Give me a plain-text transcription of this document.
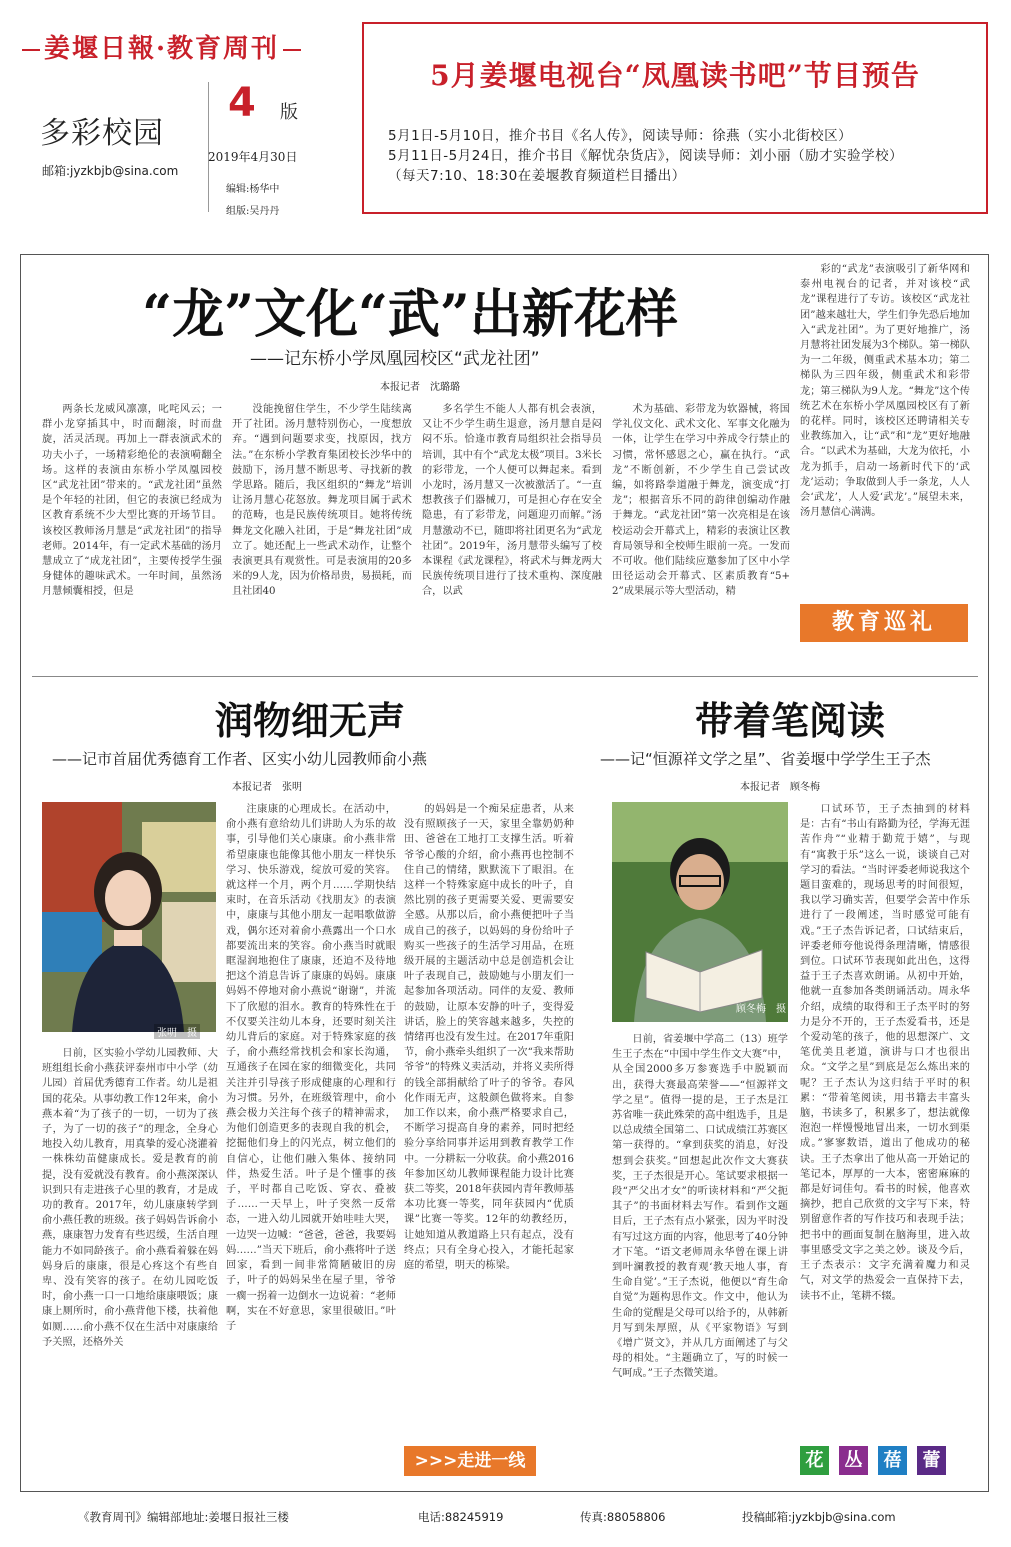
姜堰日報·教育周刊
多彩校园
邮箱:jyzkbjb@sina.com
4 版
2019年4月30日
编辑:杨华中
组版:吴丹丹
5月姜堰电视台“凤凰读书吧”节目预告
5月1日-5月10日，推介书目《名人传》，阅读导师：徐燕（实小北街校区）
5月11日-5月24日，推介书目《解忧杂货店》，阅读导师：刘小丽（励才实验学校）
（每天7:10、18:30在姜堰教育频道栏目播出）
“龙”文化“武”出新花样
——记东桥小学凤凰园校区“武龙社团”
本报记者　沈璐璐

两条长龙威风凛凛，叱咤风云；一群小龙穿插其中，时而翻滚，时而盘旋，活灵活现。再加上一群表演武术的功夫小子，一场精彩绝伦的表演嗬翻全场。这样的表演由东桥小学凤凰园校区“武龙社团”带来的。“武龙社团”虽然是个年轻的社团，但它的表演已经成为区教育系统不少大型比赛的开场节目。该校区教师汤月慧是“武龙社团”的指导老师。2014年，有一定武术基础的汤月慧成立了“成龙社团”，主要传授学生强身健体的趣味武术。一年时间，虽然汤月慧倾囊相授，但是

没能挽留住学生，不少学生陆续离开了社团。汤月慧特别伤心，一度想放弃。“遇到问题要求变，找原因，找方法。”在东桥小学教育集团校长沙华中的鼓励下，汤月慧不断思考、寻找新的教学思路。随后，我区组织的“舞龙”培训让汤月慧心花怒放。舞龙项目属于武术的范畴，也是民族传统项目。她将传统舞龙文化融入社团，于是“舞龙社团”成立了。她还配上一些武术动作，让整个表演更具有观赏性。可是表演用的20多米的9人龙，因为价格昂贵，易损耗，而且社团40

多名学生不能人人都有机会表演，又让不少学生萌生退意，汤月慧自是闷闷不乐。恰逢市教育局组织社会指导员培训，其中有个“武龙太极”项目。3米长的彩带龙，一个人便可以舞起来。看到小龙时，汤月慧又一次被激活了。“一直想教孩子们器械刀，可是担心存在安全隐患，有了彩带龙，问题迎刃而解。”汤月慧激动不已，随即将社团更名为“武龙社团”。2019年，汤月慧带头编写了校本课程《武龙课程》，将武术与舞龙两大民族传统项目进行了技术重构、深度融合，以武

术为基础、彩带龙为软器械，将国学礼仪文化、武术文化、军事文化融为一体，让学生在学习中养成令行禁止的习惯，常怀感恩之心，赢在执行。“武龙”不断创新，不少学生自己尝试改编，如将路拳道融于舞龙，演变成“打龙”；根据音乐不同的韵律创编动作融于舞龙。“武龙社团”第一次亮相是在该校运动会开幕式上，精彩的表演让区教育局领导和全校师生眼前一亮。一发而不可收。他们陆续应邀参加了区中小学田径运动会开幕式、区素质教育“5+2”成果展示等大型活动，精

彩的“武龙”表演吸引了新华网和泰州电视台的记者，并对该校“武龙”课程进行了专访。该校区“武龙社团”越来越壮大，学生们争先恐后地加入“武龙社团”。为了更好地推广，汤月慧将社团发展为3个梯队。第一梯队为一二年级，侧重武术基本功；第二梯队为三四年级，侧重武术和彩带龙；第三梯队为9人龙。“舞龙”这个传统艺术在东桥小学凤凰园校区有了新的花样。同时，该校区还聘请相关专业教练加入，让“武”和“龙”更好地融合。“以武术为基础，大龙为依托，小龙为抓手，启动一场新时代下的‘武龙’运动；争取做到人手一条龙，人人会‘武龙’，人人爱‘武龙’。”展望未来，汤月慧信心满满。

教育巡礼
润物细无声
——记市首届优秀德育工作者、区实小幼儿园教师俞小燕
本报记者　张明
张明　摄

日前，区实验小学幼儿园教师、大班组组长俞小燕获评泰州市中小学（幼儿园）首届优秀德育工作者。幼儿是祖国的花朵。从事幼教工作12年来，俞小燕本着“为了孩子的一切，一切为了孩子，为了一切的孩子”的理念，全身心地投入幼儿教育，用真挚的爱心浇灌着一株株幼苗健康成长。爱是教育的前提，没有爱就没有教育。俞小燕深深认识到只有走进孩子心里的教育，才是成功的教育。2017年，幼儿康康转学到俞小燕任教的班级。孩子妈妈告诉俞小燕，康康智力发育有些迟缓，生活自理能力不如同龄孩子。俞小燕看着躲在妈妈身后的康康，很是心疼这个有些自卑、没有笑容的孩子。在幼儿园吃饭时，俞小燕一口一口地给康康喂饭；康康上厕所时，俞小燕背他下楼，扶着他如厕……俞小燕不仅在生活中对康康给予关照，还格外关

注康康的心理成长。在活动中，俞小燕有意给幼儿们讲助人为乐的故事，引导他们关心康康。俞小燕非常希望康康也能像其他小朋友一样快乐学习、快乐游戏，绽放可爱的笑容。就这样一个月，两个月……学期快结束时，在音乐活动《找朋友》的表演中，康康与其他小朋友一起唱歌做游戏，偶尔还对着俞小燕露出一个口水都要流出来的笑容。俞小燕当时就眼眶湿润地抱住了康康，还迫不及待地把这个消息告诉了康康的妈妈。康康妈妈不停地对俞小燕说“谢谢”，并流下了欣慰的泪水。教育的特殊性在于不仅要关注幼儿本身，还要时刻关注幼儿背后的家庭。对于特殊家庭的孩子，俞小燕经常找机会和家长沟通，互通孩子在园在家的细微变化，共同关注并引导孩子形成健康的心理和行为习惯。另外，在班级管理中，俞小燕会极力关注每个孩子的精神需求，为他们创造更多的表现自我的机会，挖掘他们身上的闪光点，树立他们的自信心，让他们融入集体、接纳同伴，热爱生活。叶子是个懂事的孩子，平时都自己吃饭、穿衣、叠被子……一天早上，叶子突然一反常态，一进入幼儿园就开始哇哇大哭，一边哭一边喊：“爸爸，爸爸，我要妈妈……”当天下班后，俞小燕将叶子送回家，看到一间非常简陋破旧的房子，叶子的妈妈呆坐在屋子里，爷爷一瘸一拐着一边倒水一边说着：“老师啊，实在不好意思，家里很破旧。”叶子

的妈妈是一个痴呆症患者，从来没有照顾孩子一天，家里全靠奶奶种田、爸爸在工地打工支撑生活。听着爷爷心酸的介绍，俞小燕再也控制不住自己的情绪，默默流下了眼泪。在这样一个特殊家庭中成长的叶子，自然比别的孩子更需要关爱、更需要安全感。从那以后，俞小燕便把叶子当成自己的孩子，以妈妈的身份给叶子购买一些孩子的生活学习用品，在班级开展的主题活动中总是创造机会让叶子表现自己，鼓励她与小朋友们一起参加各项活动。同伴的友爱、教师的鼓励，让原本安静的叶子，变得爱讲话，脸上的笑容越来越多，失控的情绪再也没有发生过。在2017年重阳节，俞小燕牵头组织了一次“我来帮助爷爷”的特殊义卖活动，并将义卖所得的钱全部捐献给了叶子的爷爷。春风化作雨无声，这般颜色做将来。自参加工作以来，俞小燕严格要求自己，不断学习提高自身的素养，同时把经验分享给同事并运用到教育教学工作中。一分耕耘一分收获。俞小燕2016年参加区幼儿教师课程能力设计比赛获二等奖，2018年获园内青年教师基本功比赛一等奖，同年获园内“优质课”比赛一等奖。12年的幼教经历，让她知道从教道路上只有起点，没有终点；只有全身心投入，才能托起家庭的希望，明天的栋梁。

>>>走进一线
带着笔阅读
——记“恒源祥文学之星”、省姜堰中学学生王子杰
本报记者　顾冬梅
顾冬梅　摄

日前，省姜堰中学高二（13）班学生王子杰在“中国中学生作文大赛”中，从全国2000多万参赛选手中脱颖而出，获得大赛最高荣誉——“恒源祥文学之星”。值得一提的是，王子杰是江苏省唯一获此殊荣的高中组选手，且是以总成绩全国第二、口试成绩江苏赛区第一获得的。“拿到获奖的消息，好没想到会获奖。”回想起此次作文大赛获奖，王子杰很是开心。笔试要求根据一段“严父出才女”的听读材料和“严父扼其子”的书面材料去写作。看到作文题目后，王子杰有点小紧张，因为平时没有写过这方面的内容，他思考了40分钟才下笔。“语文老师周永华曾在课上讲到叶澜教授的教育观‘教天地人事，育生命自觉’。”王子杰说，他便以“育生命自觉”为题构思作文。作文中，他认为生命的觉醒是父母可以给予的，从韩新月写到朱厚照，从《平家物语》写到《增广贤文》，并从几方面阐述了与父母的相处。“主题确立了，写的时候一气呵成。”王子杰微笑道。

口试环节，王子杰抽到的材料是：古有“书山有路勤为径，学海无涯苦作舟”“业精于勤荒于嬉”，与现有“寓教于乐”这么一说，谈谈自己对学习的看法。“当时评委老师说我这个题目蛮难的，现场思考的时间很短，我以学习确实苦，但要学会苦中作乐进行了一段阐述，当时感觉可能有戏。”王子杰告诉记者，口试结束后，评委老师夸他说得条理清晰，情感很到位。口试环节表现如此出色，这得益于王子杰喜欢朗诵。从初中开始，他就一直参加各类朗诵活动。周永华介绍，成绩的取得和王子杰平时的努力是分不开的，王子杰爱看书，还是个爱动笔的孩子，他的思想深广、文笔优美且老道，演讲与口才也很出众。“文学之星”到底是怎么炼出来的呢？王子杰认为这归结于平时的积累：“带着笔阅读，用书籍去丰富头脑，书读多了，积累多了，想法就像泡泡一样慢慢地冒出来，一切水到渠成。”寥寥数语，道出了他成功的秘诀。王子杰拿出了他从高一开始记的笔记本，厚厚的一大本，密密麻麻的都是好词佳句。看书的时候，他喜欢摘抄，把自己欣赏的文字写下来，特别留意作者的写作技巧和表现手法；把书中的画面复制在脑海里，进入故事里感受文字之美之妙。谈及今后，王子杰表示：文字充满着魔力和灵气，对文学的热爱会一直保持下去，读书不止，笔耕不辍。

花	丛	蓓	蕾
《教育周刊》编辑部地址:姜堰日报社三楼	电话:88245919	传真:88058806	投稿邮箱:jyzkbjb@sina.com
